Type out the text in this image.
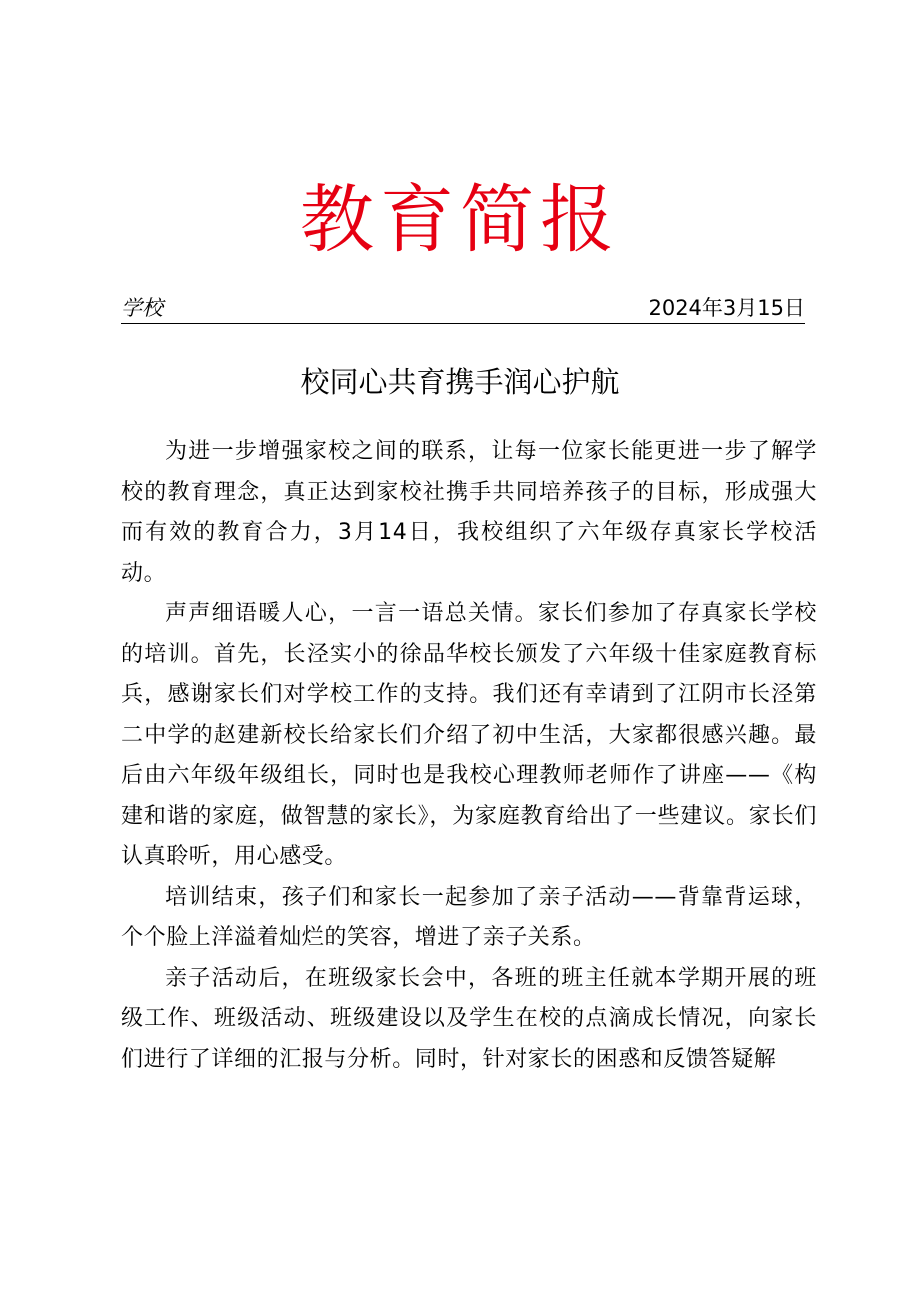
教育简报
学校	2024年3月15日
校同心共育携手润心护航

为进一步增强家校之间的联系，让每一位家长能更进一步了解学校的教育理念，真正达到家校社携手共同培养孩子的目标，形成强大而有效的教育合力，3月14日，我校组织了六年级存真家长学校活动。

声声细语暖人心，一言一语总关情。家长们参加了存真家长学校的培训。首先，长泾实小的徐品华校长颁发了六年级十佳家庭教育标兵，感谢家长们对学校工作的支持。我们还有幸请到了江阴市长泾第二中学的赵建新校长给家长们介绍了初中生活，大家都很感兴趣。最后由六年级年级组长，同时也是我校心理教师老师作了讲座——《构建和谐的家庭，做智慧的家长》，为家庭教育给出了一些建议。家长们认真聆听，用心感受。

培训结束，孩子们和家长一起参加了亲子活动——背靠背运球，个个脸上洋溢着灿烂的笑容，增进了亲子关系。

亲子活动后，在班级家长会中，各班的班主任就本学期开展的班级工作、班级活动、班级建设以及学生在校的点滴成长情况，向家长们进行了详细的汇报与分析。同时，针对家长的困惑和反馈答疑解
